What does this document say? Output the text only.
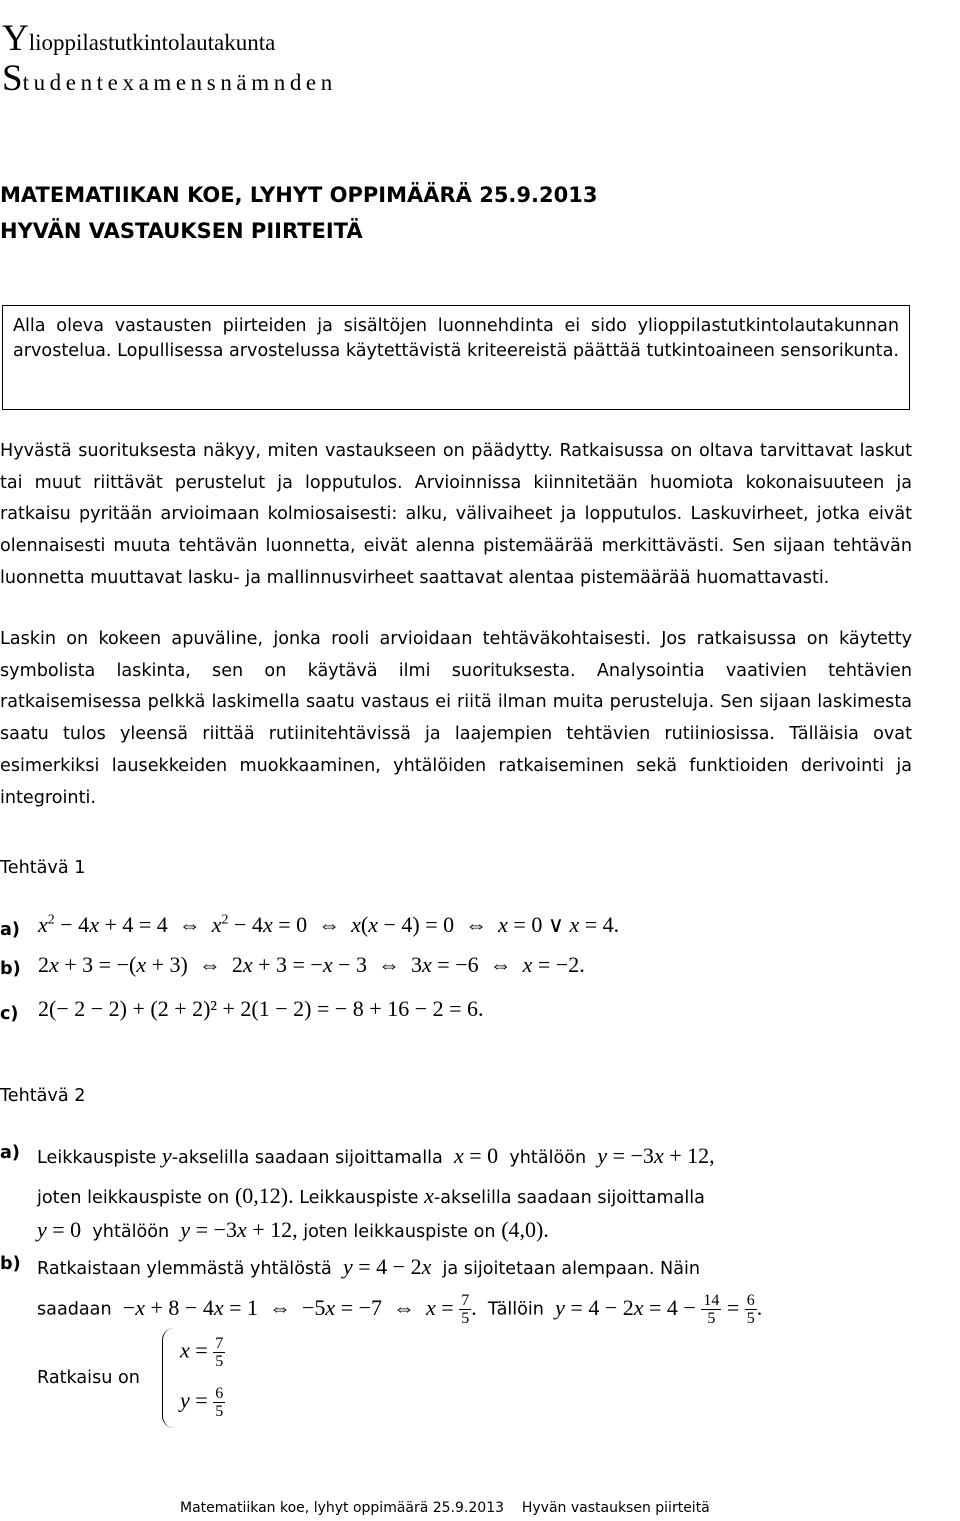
Ylioppilastutkintolautakunta
Studentexamensnämnden
MATEMATIIKAN KOE, LYHYT OPPIMÄÄRÄ 25.9.2013
HYVÄN VASTAUKSEN PIIRTEITÄ
Alla oleva vastausten piirteiden ja sisältöjen luonnehdinta ei sido ylioppilastutkintolautakunnan arvostelua. Lopullisessa arvostelussa käytettävistä kriteereistä päättää tutkintoaineen sensorikunta.
Hyvästä suorituksesta näkyy, miten vastaukseen on päädytty. Ratkaisussa on oltava tarvittavat laskut tai muut riittävät perustelut ja lopputulos. Arvioinnissa kiinnitetään huomiota kokonaisuuteen ja ratkaisu pyritään arvioimaan kolmiosaisesti: alku, välivaiheet ja lopputulos. Laskuvirheet, jotka eivät olennaisesti muuta tehtävän luonnetta, eivät alenna pistemäärää merkittävästi. Sen sijaan tehtävän luonnetta muuttavat lasku- ja mallinnusvirheet saattavat alentaa pistemäärää huomattavasti.
Laskin on kokeen apuväline, jonka rooli arvioidaan tehtäväkohtaisesti. Jos ratkaisussa on käytetty symbolista laskinta, sen on käytävä ilmi suorituksesta. Analysointia vaativien tehtävien ratkaisemisessa pelkkä laskimella saatu vastaus ei riitä ilman muita perusteluja. Sen sijaan laskimesta saatu tulos yleensä riittää rutiinitehtävissä ja laajempien tehtävien rutiiniosissa. Tälläisia ovat esimerkiksi lausekkeiden muokkaaminen, yhtälöiden ratkaiseminen sekä funktioiden derivointi ja integrointi.
Tehtävä 1
a) $x^2 - 4x + 4 = 4$  ⇔  $x^2 - 4x = 0$  ⇔  x(x − 4) = 0  ⇔  x = 0 ∨ x = 4.
b) 2x + 3 = −(x + 3)  ⇔  2x + 3 = −x − 3  ⇔  3x = −6  ⇔  x = −2.
c) 2(− 2 − 2) + (2 + 2)² + 2(1 − 2) = − 8 + 16 − 2 = 6.
Tehtävä 2
a) Leikkauspiste y-akselilla saadaan sijoittamalla x = 0 yhtälöön y = −3x + 12,
joten leikkauspiste on (0,12). Leikkauspiste x-akselilla saadaan sijoittamalla
y = 0 yhtälöön y = −3x + 12, joten leikkauspiste on (4,0).
b) Ratkaistaan ylemmästä yhtälöstä y = 4 − 2x ja sijoitetaan alempaan. Näin
saadaan −x + 8 − 4x = 1  ⇔  −5x = −7  ⇔  $x = \frac{7}{5}$ . Tällöin $y = 4 - 2x = 4 - \frac{14}{5} = \frac{6}{5}$ .
Ratkaisu on
$x = \frac{7}{5}$
$y = \frac{6}{5}$
Matematiikan koe, lyhyt oppimäärä 25.9.2013 Hyvän vastauksen piirteitä
